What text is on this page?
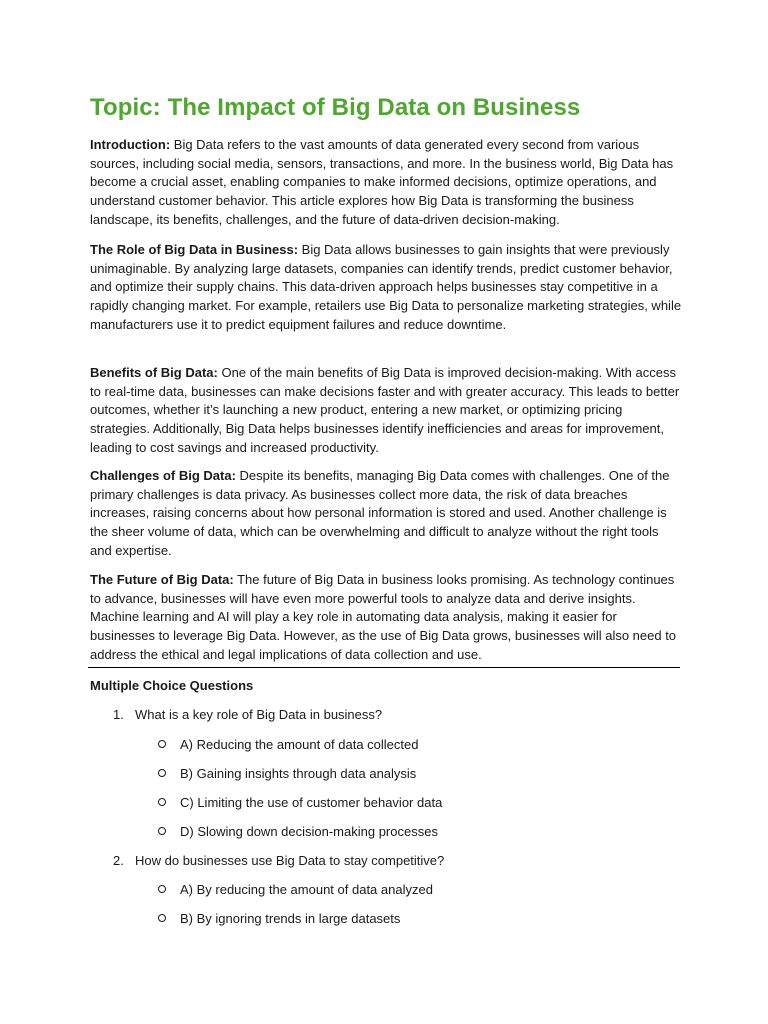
Topic: The Impact of Big Data on Business

Introduction: Big Data refers to the vast amounts of data generated every second from various sources, including social media, sensors, transactions, and more. In the business world, Big Data has become a crucial asset, enabling companies to make informed decisions, optimize operations, and understand customer behavior. This article explores how Big Data is transforming the business landscape, its benefits, challenges, and the future of data-driven decision-making.

The Role of Big Data in Business: Big Data allows businesses to gain insights that were previously unimaginable. By analyzing large datasets, companies can identify trends, predict customer behavior, and optimize their supply chains. This data-driven approach helps businesses stay competitive in a rapidly changing market. For example, retailers use Big Data to personalize marketing strategies, while manufacturers use it to predict equipment failures and reduce downtime.

Benefits of Big Data: One of the main benefits of Big Data is improved decision-making. With access to real-time data, businesses can make decisions faster and with greater accuracy. This leads to better outcomes, whether it’s launching a new product, entering a new market, or optimizing pricing strategies. Additionally, Big Data helps businesses identify inefficiencies and areas for improvement, leading to cost savings and increased productivity.

Challenges of Big Data: Despite its benefits, managing Big Data comes with challenges. One of the primary challenges is data privacy. As businesses collect more data, the risk of data breaches increases, raising concerns about how personal information is stored and used. Another challenge is the sheer volume of data, which can be overwhelming and difficult to analyze without the right tools and expertise.

The Future of Big Data: The future of Big Data in business looks promising. As technology continues to advance, businesses will have even more powerful tools to analyze data and derive insights. Machine learning and AI will play a key role in automating data analysis, making it easier for businesses to leverage Big Data. However, as the use of Big Data grows, businesses will also need to address the ethical and legal implications of data collection and use.

Multiple Choice Questions

1. What is a key role of Big Data in business?

A) Reducing the amount of data collected

B) Gaining insights through data analysis

C) Limiting the use of customer behavior data

D) Slowing down decision-making processes

2. How do businesses use Big Data to stay competitive?

A) By reducing the amount of data analyzed

B) By ignoring trends in large datasets
